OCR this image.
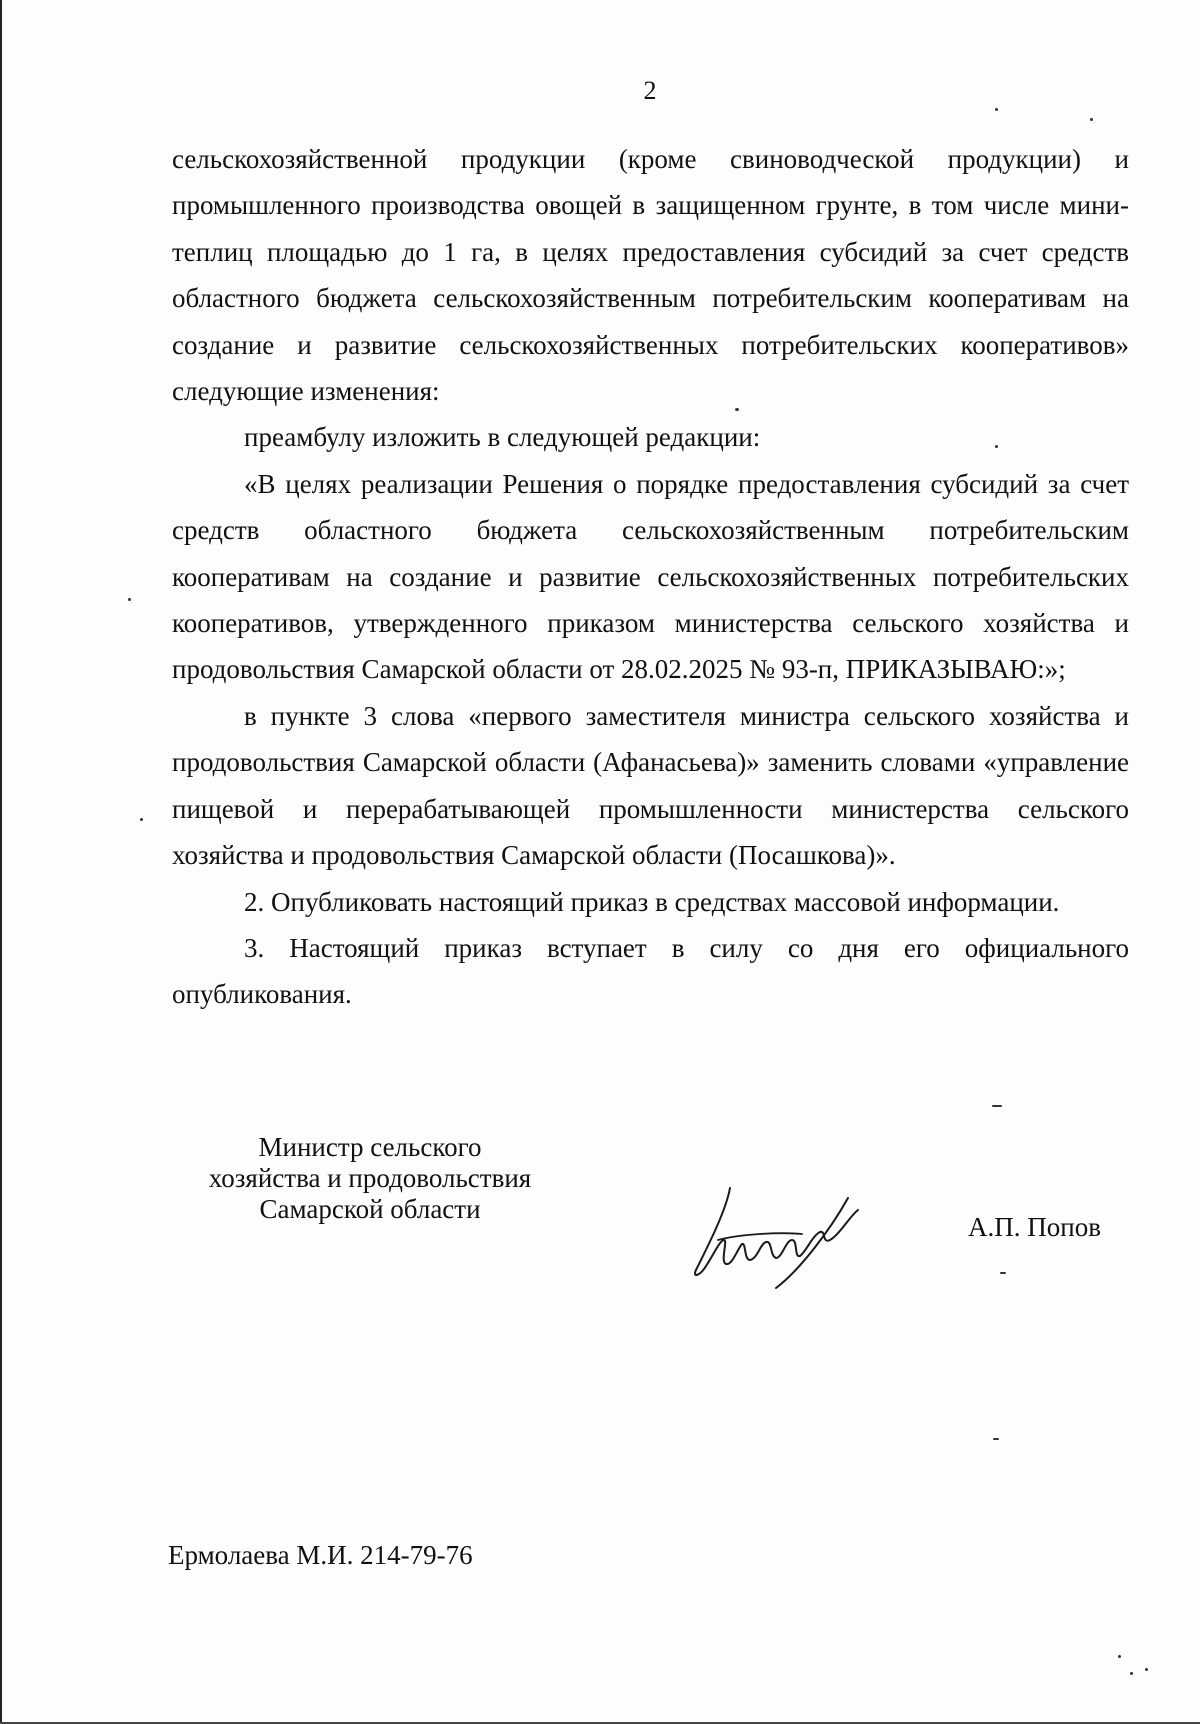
2

сельскохозяйственной продукции (кроме свиноводческой продукции) и промышленного производства овощей в защищенном грунте, в том числе мини-теплиц площадью до 1 га, в целях предоставления субсидий за счет средств областного бюджета сельскохозяйственным потребительским кооперативам на создание и развитие сельскохозяйственных потребительских кооперативов» следующие изменения:

преамбулу изложить в следующей редакции:

«В целях реализации Решения о порядке предоставления субсидий за счет средств областного бюджета сельскохозяйственным потребительским кооперативам на создание и развитие сельскохозяйственных потребительских кооперативов, утвержденного приказом министерства сельского хозяйства и продовольствия Самарской области от 28.02.2025 № 93-п, ПРИКАЗЫВАЮ:»;

в пункте 3 слова «первого заместителя министра сельского хозяйства и продовольствия Самарской области (Афанасьева)» заменить словами «управление пищевой и перерабатывающей промышленности министерства сельского хозяйства и продовольствия Самарской области (Посашкова)».

2. Опубликовать настоящий приказ в средствах массовой информации.

3. Настоящий приказ вступает в силу со дня его официального опубликования.

Министр сельского
хозяйства и продовольствия
Самарской области
А.П. Попов
Ермолаева М.И. 214-79-76
